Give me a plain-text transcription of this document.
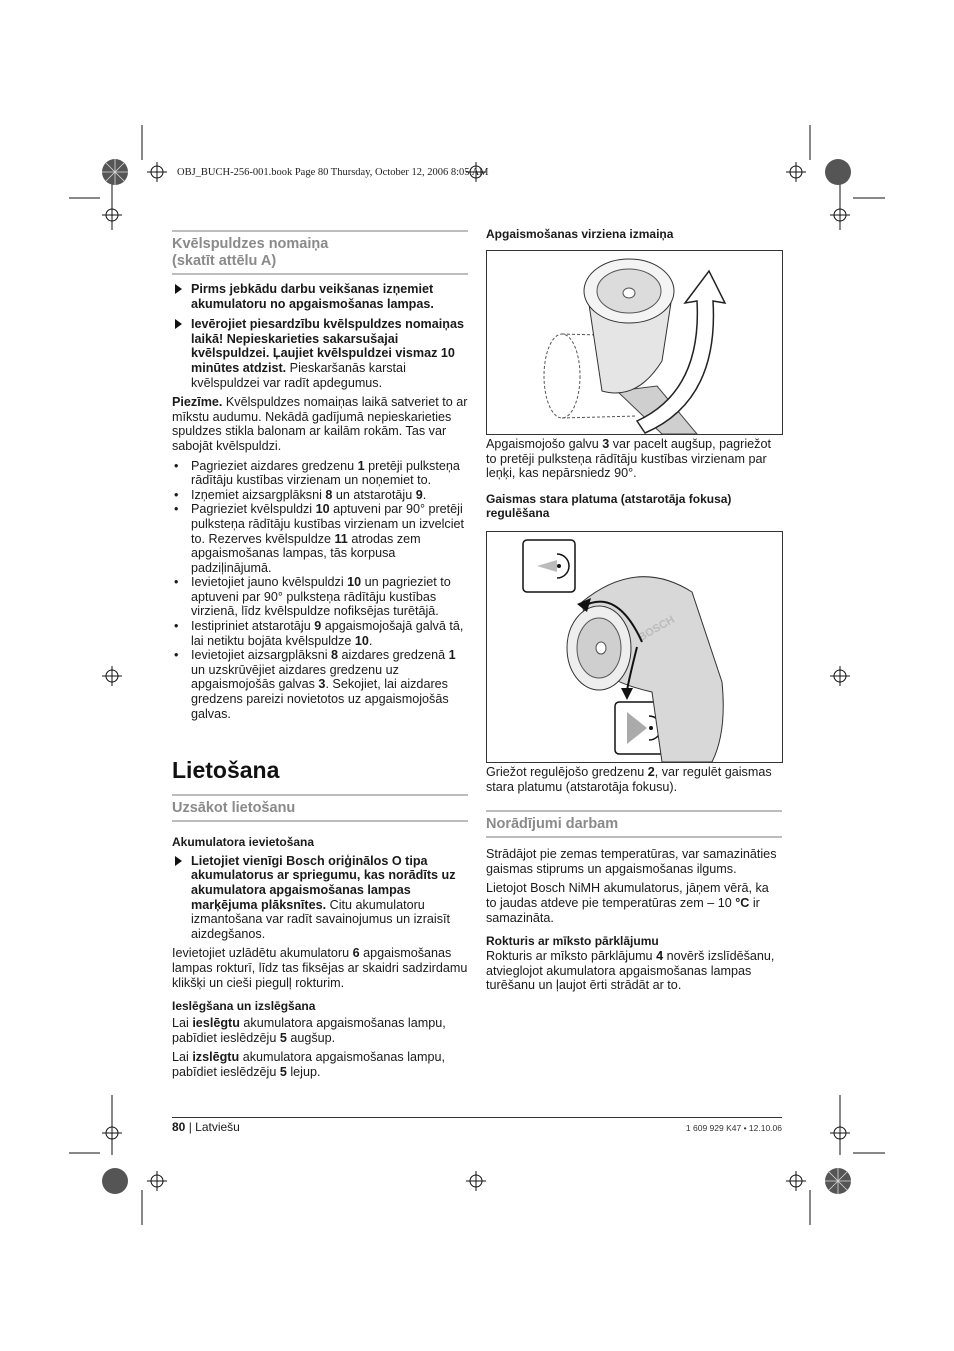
OBJ_BUCH-256-001.book Page 80 Thursday, October 12, 2006 8:05 AM
Kvēlspuldzes nomaiņa
(skatīt attēlu A)
Pirms jebkādu darbu veikšanas izņemiet akumulatoru no apgaismošanas lampas.
Ievērojiet piesardzību kvēlspuldzes nomaiņas laikā! Nepieskarieties sakarsušajai kvēlspuldzei. Ļaujiet kvēlspuldzei vismaz 10 minūtes atdzist. Pieskaršanās karstai kvēlspuldzei var radīt apdegumus.

Piezīme. Kvēlspuldzes nomaiņas laikā satveriet to ar mīkstu audumu. Nekādā gadījumā nepieskarieties spuldzes stikla balonam ar kailām rokām. Tas var sabojāt kvēlspuldzi.

• Pagrieziet aizdares gredzenu 1 pretēji pulksteņa rādītāju kustības virzienam un noņemiet to.
• Izņemiet aizsargplāksni 8 un atstarotāju 9.
• Pagrieziet kvēlspuldzi 10 aptuveni par 90° pretēji pulksteņa rādītāju kustības virzienam un izvelciet to. Rezerves kvēlspuldze 11 atrodas zem apgaismošanas lampas, tās korpusa padziļinājumā.
• Ievietojiet jauno kvēlspuldzi 10 un pagrieziet to aptuveni par 90° pulksteņa rādītāju kustības virzienā, līdz kvēlspuldze nofiksējas turētājā.
• Iestipriniet atstarotāju 9 apgaismojošajā galvā tā, lai netiktu bojāta kvēlspuldze 10.
• Ievietojiet aizsargplāksni 8 aizdares gredzenā 1 un uzskrūvējiet aizdares gredzenu uz apgaismojošās galvas 3. Sekojiet, lai aizdares gredzens pareizi novietotos uz apgaismojošās galvas.
Lietošana
Uzsākot lietošanu
Akumulatora ievietošana
Lietojiet vienīgi Bosch oriģinālos O tipa akumulatorus ar spriegumu, kas norādīts uz akumulatora apgaismošanas lampas marķējuma plāksnītes. Citu akumulatoru izmantošana var radīt savainojumus un izraisīt aizdegšanos.

Ievietojiet uzlādētu akumulatoru 6 apgaismošanas lampas rokturī, līdz tas fiksējas ar skaidri sadzirdamu klikšķi un cieši piegulļ rokturim.

Ieslēgšana un izslēgšana

Lai ieslēgtu akumulatora apgaismošanas lampu, pabīdiet ieslēdzēju 5 augšup.

Lai izslēgtu akumulatora apgaismošanas lampu, pabīdiet ieslēdzēju 5 lejup.

Apgaismošanas virziena izmaiņa

Apgaismojošo galvu 3 var pacelt augšup, pagriežot to pretēji pulksteņa rādītāju kustības virzienam par leņķi, kas nepārsniedz 90°.

Gaismas stara platuma (atstarotāja fokusa) regulēšana
BOSCH

Griežot regulējošo gredzenu 2, var regulēt gaismas stara platumu (atstarotāja fokusu).

Norādījumi darbam

Strādājot pie zemas temperatūras, var samazināties gaismas stiprums un apgaismošanas ilgums.

Lietojot Bosch NiMH akumulatorus, jāņem vērā, ka to jaudas atdeve pie temperatūras zem – 10 °C ir samazināta.

Rokturis ar mīksto pārklājumu

Rokturis ar mīksto pārklājumu 4 novērš izslīdēšanu, atvieglojot akumulatora apgaismošanas lampas turēšanu un ļaujot ērti strādāt ar to.

80 | Latviešu	1 609 929 K47 • 12.10.06
